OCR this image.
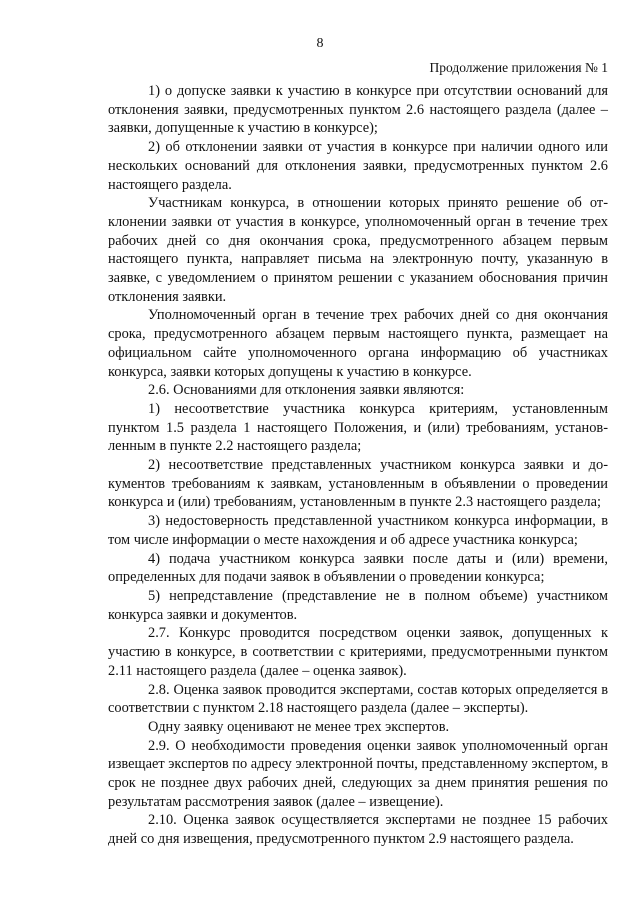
8
Продолжение приложения № 1

1) о допуске заявки к участию в конкурсе при отсутствии оснований для отклонения заявки, предусмотренных пунктом 2.6 настоящего раздела (далее – заявки, допущенные к участию в конкурсе);

2) об отклонении заявки от участия в конкурсе при наличии одного или нескольких оснований для отклонения заявки, предусмотренных пунктом 2.6 настоящего раздела.

Участникам конкурса, в отношении которых принято решение об отклонении заявки от участия в конкурсе, уполномоченный орган в течение трех рабочих дней со дня окончания срока, предусмотренного абзацем первым настоящего пункта, направляет письма на электронную почту, указанную в заявке, с уведомлением о принятом решении с указанием обоснования причин отклонения заявки.

Уполномоченный орган в течение трех рабочих дней со дня окончания срока, предусмотренного абзацем первым настоящего пункта, размещает на официальном сайте уполномоченного органа информацию об участниках конкурса, заявки которых допущены к участию в конкурсе.

2.6. Основаниями для отклонения заявки являются:

1) несоответствие участника конкурса критериям, установленным пунктом 1.5 раздела 1 настоящего Положения, и (или) требованиям, установленным в пункте 2.2 настоящего раздела;

2) несоответствие представленных участником конкурса заявки и документов требованиям к заявкам, установленным в объявлении о проведении конкурса и (или) требованиям, установленным в пункте 2.3 настоящего раздела;

3) недостоверность представленной участником конкурса информации, в том числе информации о месте нахождения и об адресе участника конкурса;

4) подача участником конкурса заявки после даты и (или) времени, определенных для подачи заявок в объявлении о проведении конкурса;

5) непредставление (представление не в полном объеме) участником конкурса заявки и документов.

2.7. Конкурс проводится посредством оценки заявок, допущенных к участию в конкурсе, в соответствии с критериями, предусмотренными пунктом 2.11 настоящего раздела (далее – оценка заявок).

2.8. Оценка заявок проводится экспертами, состав которых определяется в соответствии с пунктом 2.18 настоящего раздела (далее – эксперты).

Одну заявку оценивают не менее трех экспертов.

2.9. О необходимости проведения оценки заявок уполномоченный орган извещает экспертов по адресу электронной почты, представленному экспертом, в срок не позднее двух рабочих дней, следующих за днем принятия решения по результатам рассмотрения заявок (далее – извещение).

2.10. Оценка заявок осуществляется экспертами не позднее 15 рабочих дней со дня извещения, предусмотренного пунктом 2.9 настоящего раздела.
